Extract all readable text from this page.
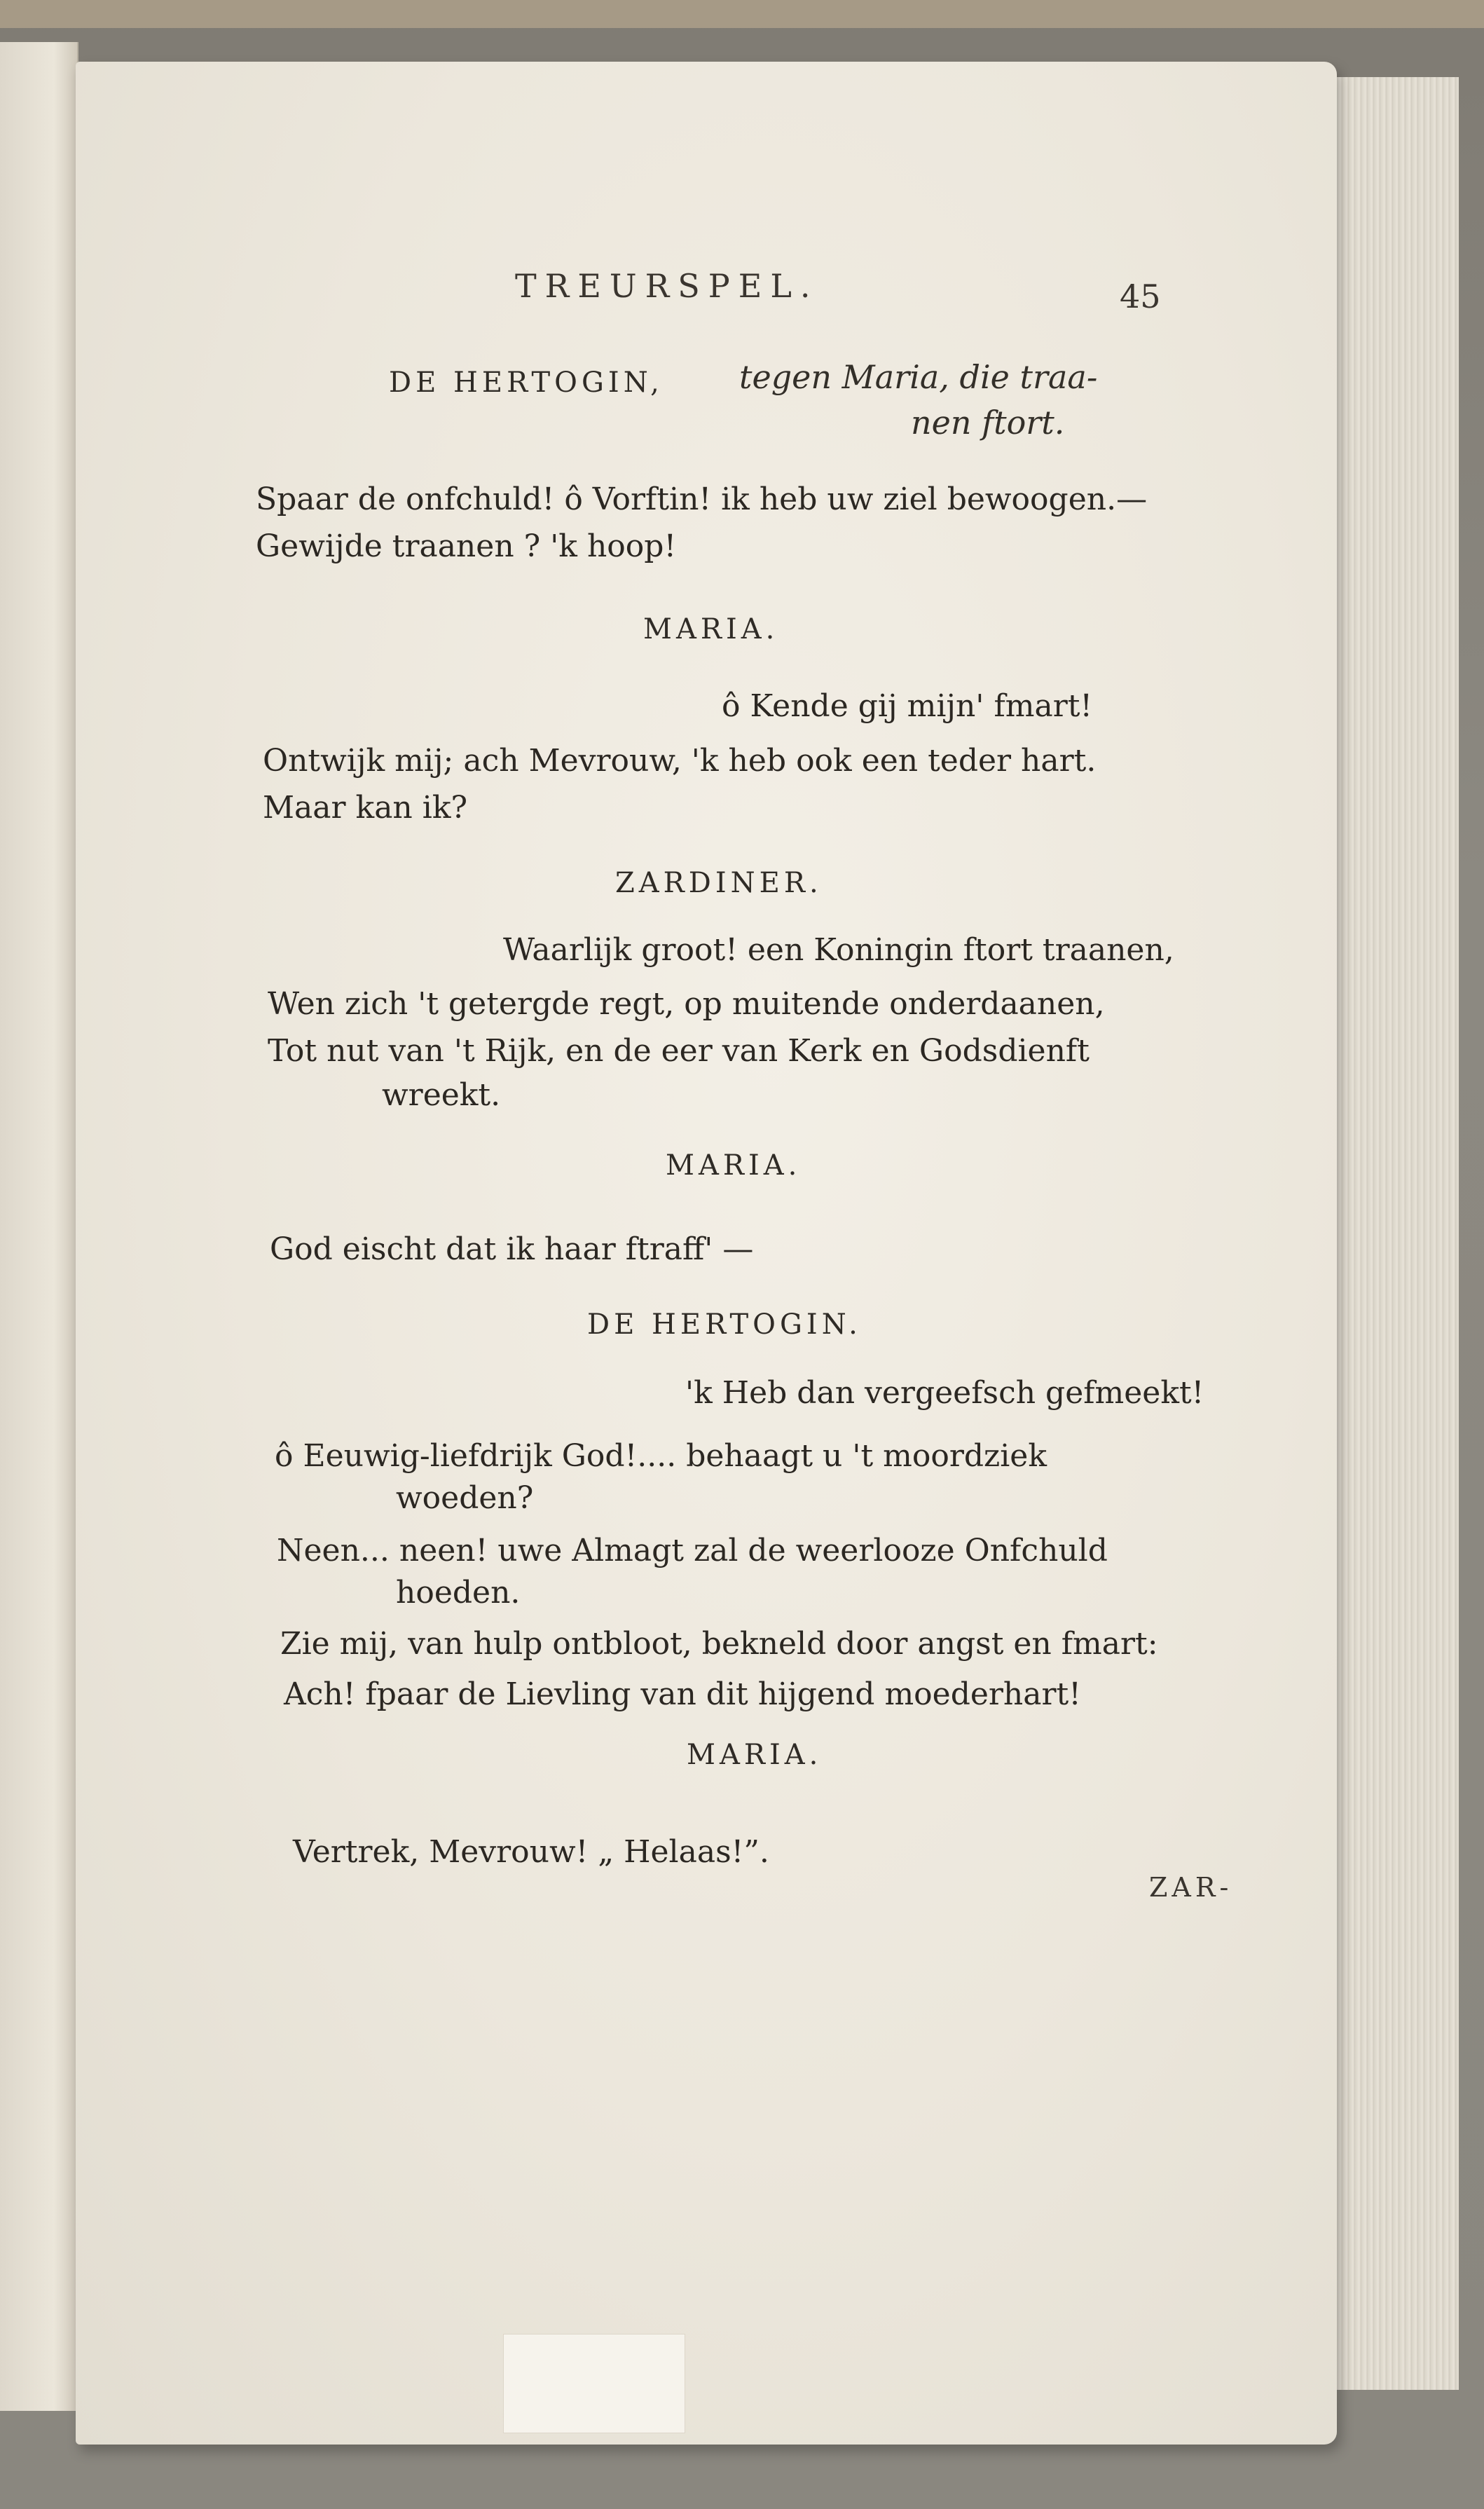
TREURSPEL.	45

DE HERTOGIN, tegen Maria, die traa-

nen ftort.

Spaar de onfchuld! ô Vorftin! ik heb uw ziel bewoogen.—

Gewijde traanen ? 'k hoop!

MARIA.

ô Kende gij mijn' fmart!

Ontwijk mij; ach Mevrouw, 'k heb ook een teder hart.

Maar kan ik?

ZARDINER.

Waarlijk groot! een Koningin ftort traanen,

Wen zich 't getergde regt, op muitende onderdaanen,

Tot nut van 't Rijk, en de eer van Kerk en Godsdienft

wreekt.

MARIA.

God eischt dat ik haar ftraff' —

DE HERTOGIN.

'k Heb dan vergeefsch gefmeekt!

ô Eeuwig-liefdrijk God!.... behaagt u 't moordziek

woeden?

Neen... neen! uwe Almagt zal de weerlooze Onfchuld

hoeden.

Zie mij, van hulp ontbloot, bekneld door angst en fmart:

Ach! fpaar de Lievling van dit hijgend moederhart!

MARIA.

Vertrek, Mevrouw! „ Helaas!”.

ZAR-
